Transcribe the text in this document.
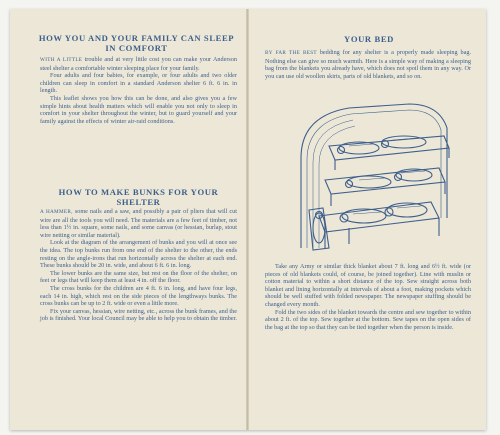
HOW YOU AND YOUR FAMILY CAN SLEEP IN COMFORT

WITH A LITTLE trouble and at very little cost you can make your Anderson steel shelter a comfortable winter sleeping place for your family.
Four adults and four babies, for example, or four adults and two older children can sleep in comfort in a standard Anderson shelter 6 ft. 6 in. in length.
This leaflet shows you how this can be done, and also gives you a few simple hints about health matters which will enable you not only to sleep in comfort in your shelter throughout the winter, but to guard yourself and your family against the effects of winter air-raid conditions.

HOW TO MAKE BUNKS FOR YOUR SHELTER

A HAMMER, some nails and a saw, and possibly a pair of pliers that will cut wire are all the tools you will need. The materials are a few feet of timber, not less than 1½ in. square, some nails, and some canvas (or hessian, burlap, stout wire netting or similar material).
Look at the diagram of the arrangement of bunks and you will at once see the idea. The top bunks run from one end of the shelter to the other, the ends resting on the angle-irons that run horizontally across the shelter at each end. These bunks should be 20 in. wide, and about 6 ft. 6 in. long.
The lower bunks are the same size, but rest on the floor of the shelter, on feet or legs that will keep them at least 4 in. off the floor.
The cross bunks for the children are 4 ft. 6 in. long, and have four legs, each 14 in. high, which rest on the side pieces of the lengthways bunks. The cross bunks can be up to 2 ft. wide or even a little more.
Fix your canvas, hessian, wire netting, etc., across the bunk frames, and the job is finished. Your local Council may be able to help you to obtain the timber.

YOUR BED

BY FAR THE BEST bedding for any shelter is a properly made sleeping bag. Nothing else can give so much warmth. Here is a simple way of making a sleeping bag from the blankets you already have, which does not spoil them in any way. Or you can use old woollen skirts, parts of old blankets, and so on.
Take any Army or similar thick blanket about 7 ft. long and 6½ ft. wide (or pieces of old blankets could, of course, be joined together). Line with muslin or cotton material to within a short distance of the top. Sew straight across both blanket and lining horizontally at intervals of about a foot, making pockets which should be well stuffed with folded newspaper. The newspaper stuffing should be changed every month.
Fold the two sides of the blanket towards the centre and sew together to within about 2 ft. of the top. Sew together at the bottom. Sew tapes on the open sides of the bag at the top so that they can be tied together when the person is inside.
